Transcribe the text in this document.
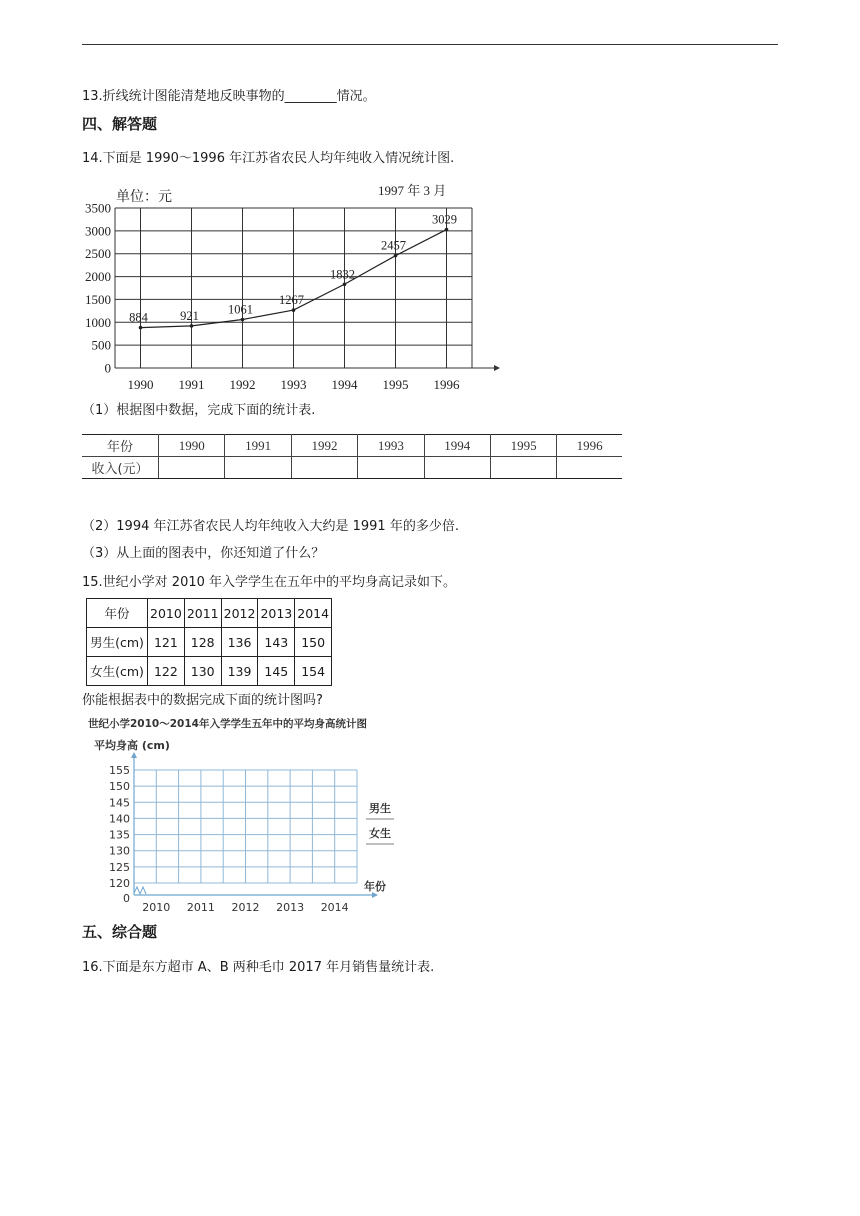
13.折线统计图能清楚地反映事物的________情况。
四、解答题
14.下面是 1990～1996 年江苏省农民人均年纯收入情况统计图.
0
500
1000
1500
2000
2500
3000
3500
1990 1991 1992 1993 1994 1995 1996
884	921 1061
1267
1832
2457
3029
单位：元	1997 年 3 月
（1）根据图中数据，完成下面的统计表.
年份	1990	1991	1992	1993	1994	1995	1996
收入(元）							
（2）1994 年江苏省农民人均年纯收入大约是 1991 年的多少倍.
（3）从上面的图表中，你还知道了什么？
15.世纪小学对 2010 年入学学生在五年中的平均身高记录如下。
年份	2010	2011	2012	2013	2014
男生(cm)	121	128	136	143	150
女生(cm)	122	130	139	145	154
你能根据表中的数据完成下面的统计图吗?
世纪小学2010～2014年入学学生五年中的平均身高统计图
平均身高 (cm)
0
120
125
130
135
140
145
150
155
2010 2011 2012 2013 2014
男生
女生
年份
五、综合题
16.下面是东方超市 A、B 两种毛巾 2017 年月销售量统计表.
